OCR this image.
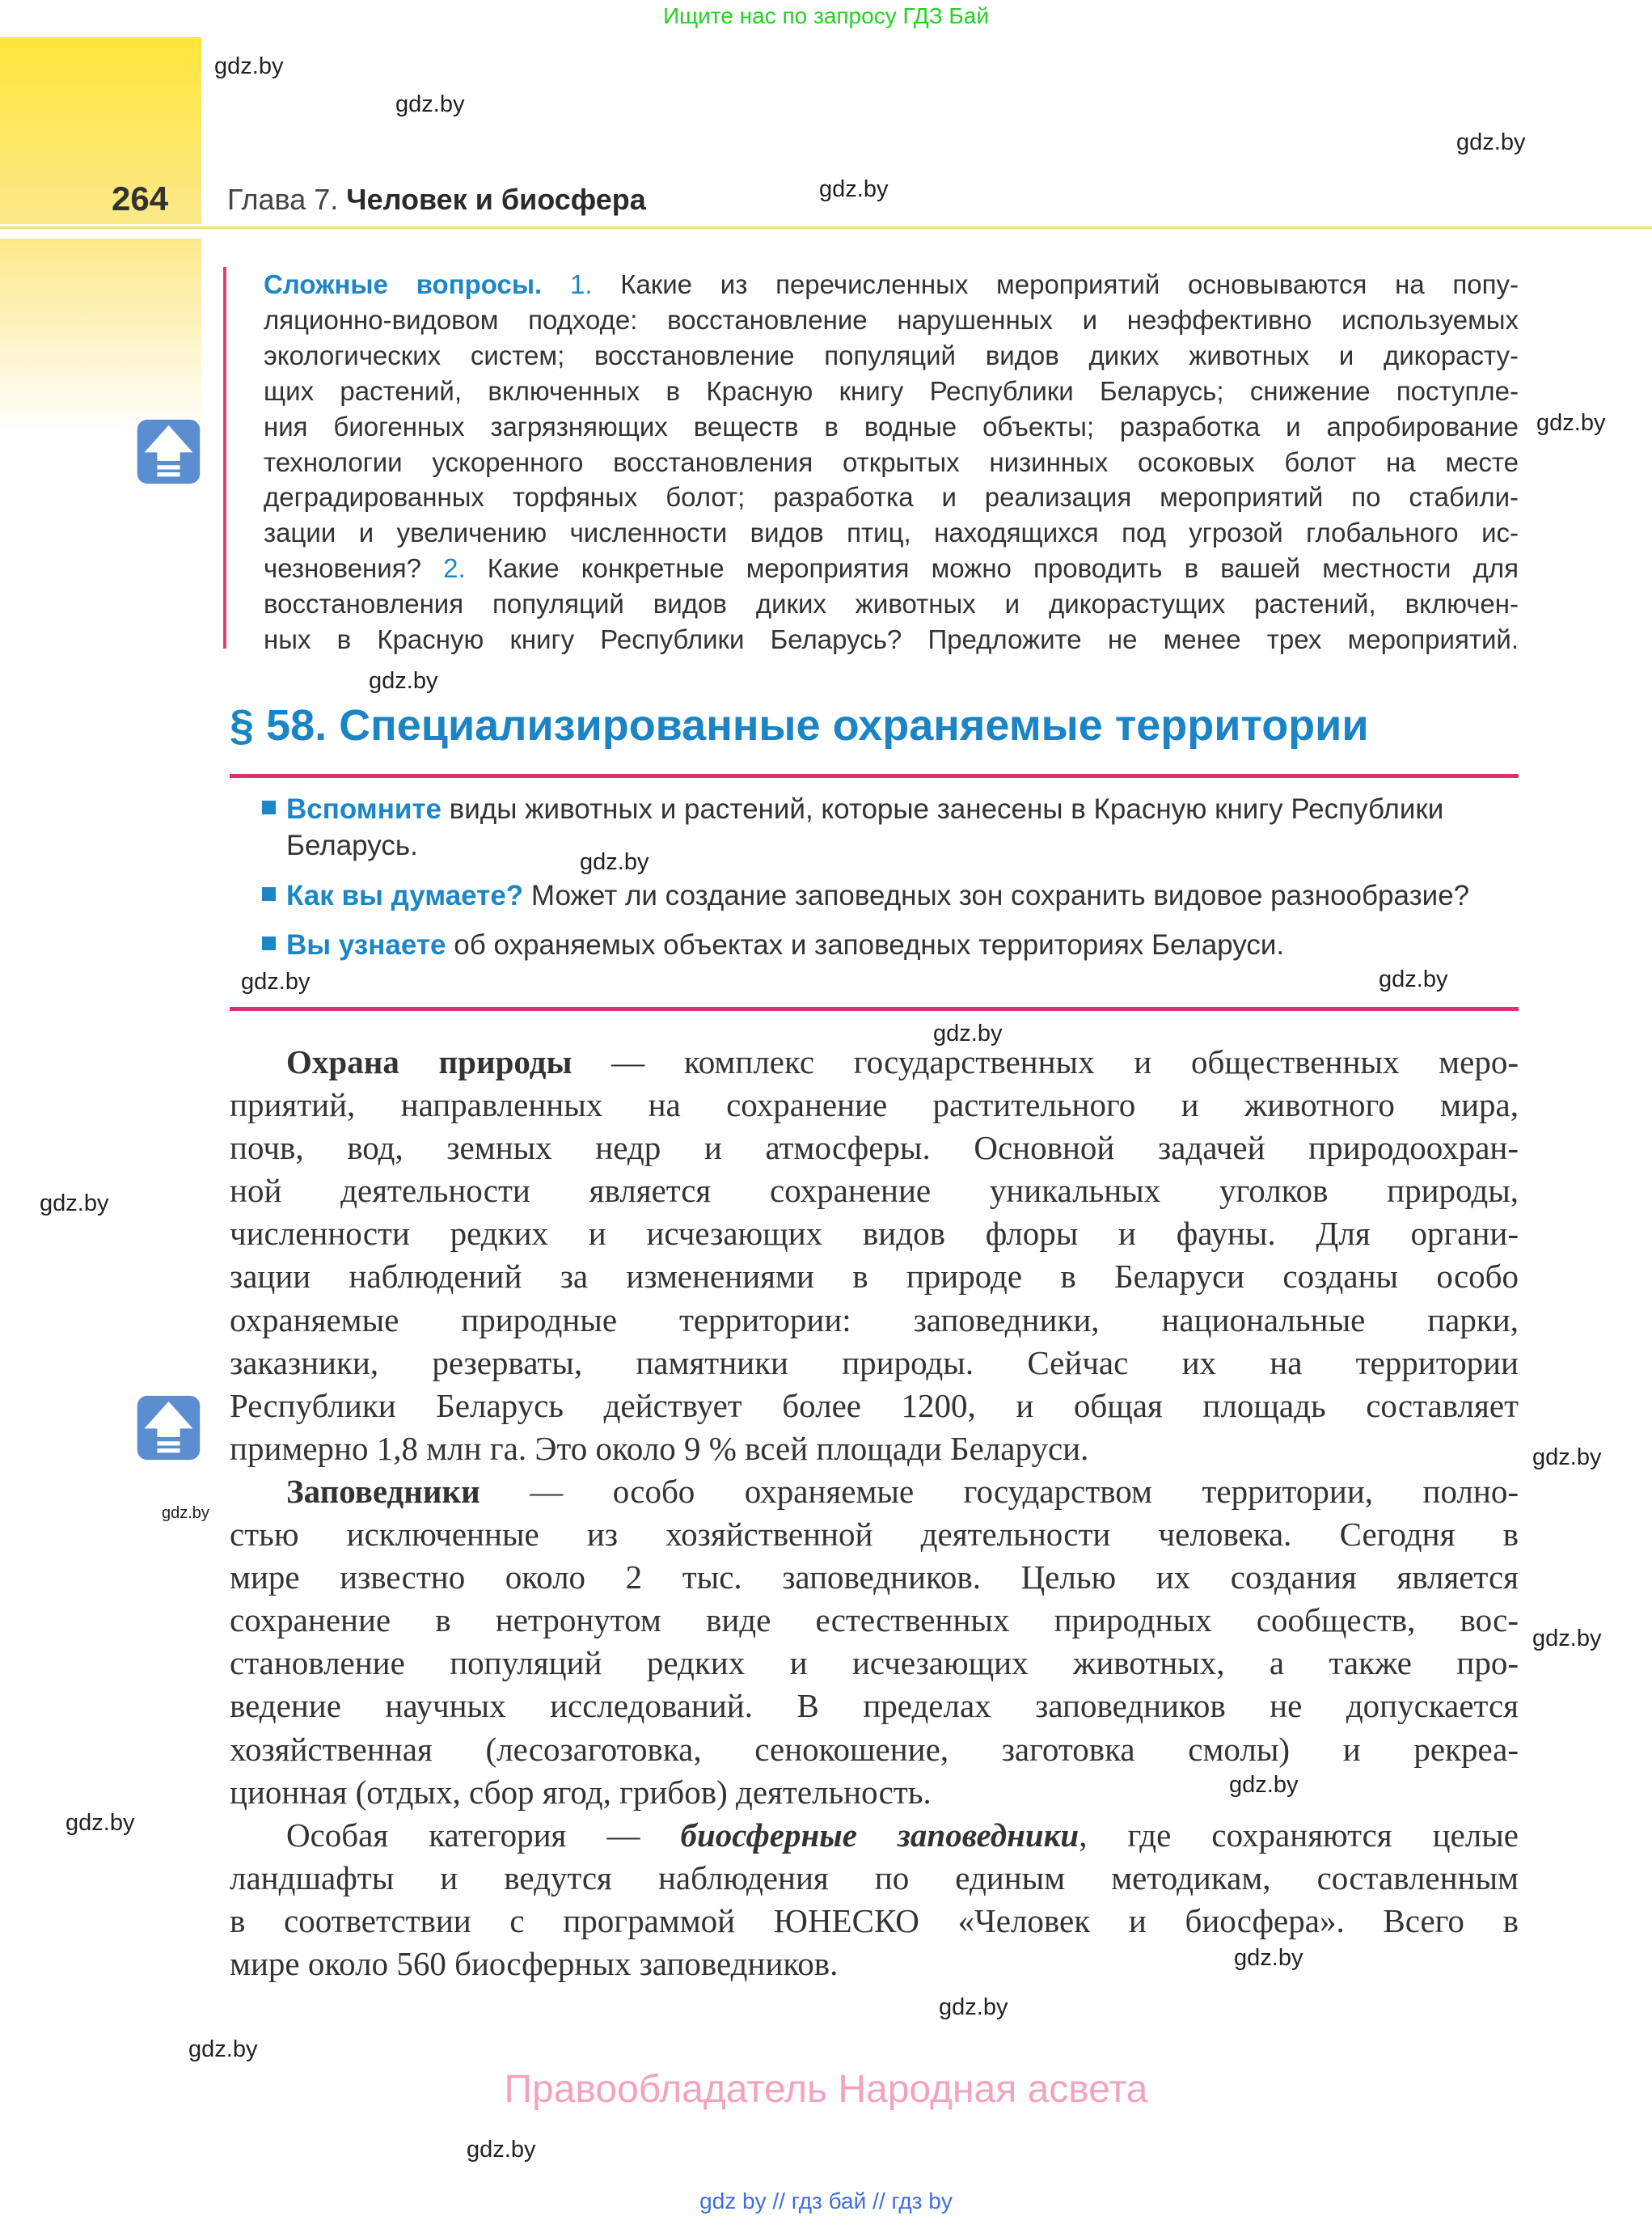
Ищите нас по запросу ГДЗ Бай
264 Глава 7. Человек и биосфера
Сложные вопросы. 1. Какие из перечисленных мероприятий основываются на попу-
ляционно-видовом подходе: восстановление нарушенных и неэффективно используемых
экологических систем; восстановление популяций видов диких животных и дикорасту-
щих растений, включенных в Красную книгу Республики Беларусь; снижение поступле-
ния биогенных загрязняющих веществ в водные объекты; разработка и апробирование
технологии ускоренного восстановления открытых низинных осоковых болот на месте
деградированных торфяных болот; разработка и реализация мероприятий по стабили-
зации и увеличению численности видов птиц, находящихся под угрозой глобального ис-
чезновения? 2. Какие конкретные мероприятия можно проводить в вашей местности для
восстановления популяций видов диких животных и дикорастущих растений, включен-
ных в Красную книгу Республики Беларусь? Предложите не менее трех мероприятий.
§ 58. Специализированные охраняемые территории
Вспомните виды животных и растений, которые занесены в Красную книгу Республики
Беларусь.
Как вы думаете? Может ли создание заповедных зон сохранить видовое разнообразие?
Вы узнаете об охраняемых объектах и заповедных территориях Беларуси.
Охрана природы — комплекс государственных и общественных меро-
приятий, направленных на сохранение растительного и животного мира,
почв, вод, земных недр и атмосферы. Основной задачей природоохран-
ной деятельности является сохранение уникальных уголков природы,
численности редких и исчезающих видов флоры и фауны. Для органи-
зации наблюдений за изменениями в природе в Беларуси созданы особо
охраняемые природные территории: заповедники, национальные парки,
заказники, резерваты, памятники природы. Сейчас их на территории
Республики Беларусь действует более 1200, и общая площадь составляет
примерно 1,8 млн га. Это около 9 % всей площади Беларуси.
Заповедники — особо охраняемые государством территории, полно-
стью исключенные из хозяйственной деятельности человека. Сегодня в
мире известно около 2 тыс. заповедников. Целью их создания является
сохранение в нетронутом виде естественных природных сообществ, вос-
становление популяций редких и исчезающих животных, а также про-
ведение научных исследований. В пределах заповедников не допускается
хозяйственная (лесозаготовка, сенокошение, заготовка смолы) и рекреа-
ционная (отдых, сбор ягод, грибов) деятельность.
Особая категория — биосферные заповедники, где сохраняются целые
ландшафты и ведутся наблюдения по единым методикам, составленным
в соответствии с программой ЮНЕСКО «Человек и биосфера». Всего в
мире около 560 биосферных заповедников.
gdz.by
gdz.by
gdz.by
gdz.by
gdz.by
gdz.by
gdz.by
gdz.by
gdz.by
gdz.by
gdz.by
gdz.by
gdz.by
gdz.by
gdz.by
gdz.by
gdz.by
gdz.by
gdz.by
gdz.by
Правообладатель Народная асвета
gdz by // гдз бай // гдз by
